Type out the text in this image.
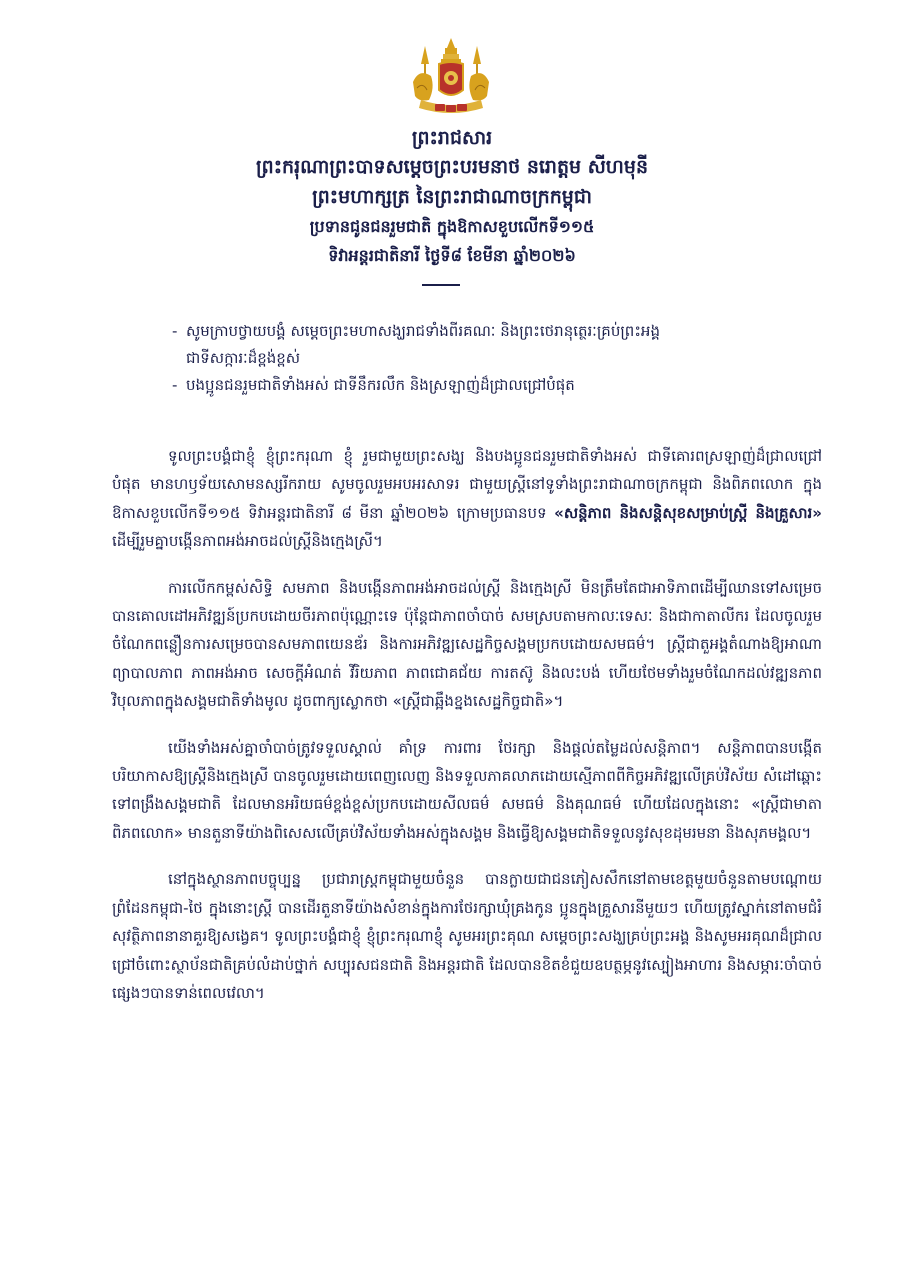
ព្រះរាជសារ
ព្រះករុណាព្រះបាទសម្តេចព្រះបរមនាថ នរោត្តម សីហមុនី
ព្រះមហាក្សត្រ នៃព្រះរាជាណាចក្រកម្ពុជា
ប្រទានជូនជនរួមជាតិ ក្នុងឱកាសខួបលើកទី១១៥
ទិវាអន្តរជាតិនារី ថ្ងៃទី៨ ខែមីនា ឆ្នាំ២០២៦
- សូមក្រាបថ្វាយបង្គំ សម្តេចព្រះមហាសង្ឃរាជទាំងពីរគណៈ និងព្រះថេរានុត្ថេរៈគ្រប់ព្រះអង្គ
ជាទីសក្ការៈដ៏ខ្ពង់ខ្ពស់
- បងប្អូនជនរួមជាតិទាំងអស់ ជាទីនឹករលឹក និងស្រឡាញ់ដ៏ជ្រាលជ្រៅបំផុត

ទូលព្រះបង្គំជាខ្ញុំ ខ្ញុំព្រះករុណា ខ្ញុំ រួមជាមួយព្រះសង្ឃ និងបងប្អូនជនរួមជាតិទាំងអស់ ជាទីគោរពស្រឡាញ់ដ៏ជ្រាលជ្រៅបំផុត មានហឫទ័យសោមនស្សរីករាយ សូមចូលរួមអបអរសាទរ ជាមួយស្រ្តីនៅទូទាំងព្រះរាជាណាចក្រកម្ពុជា និងពិភពលោក ក្នុងឱកាសខួបលើកទី១១៥ ទិវាអន្តរជាតិនារី ៨ មីនា ឆ្នាំ២០២៦ ក្រោមប្រធានបទ «សន្តិភាព និងសន្តិសុខសម្រាប់ស្រ្តី និងគ្រួសារ» ដើម្បីរួមគ្នាបង្កើនភាពអង់អាចដល់ស្ត្រីនិងក្មេងស្រី។

ការលើកកម្ពស់សិទ្ធិ សមភាព និងបង្កើនភាពអង់អាចដល់ស្ត្រី និងក្មេងស្រី មិនត្រឹមតែជាអាទិភាពដើម្បីឈានទៅសម្រេចបានគោលដៅអភិវឌ្ឍន៍ប្រកបដោយចីរភាពប៉ុណ្ណោះទេ ប៉ុន្តែជាភាពចាំបាច់ សមស្របតាមកាលៈទេសៈ និងជាកាតាលីករ ដែលចូលរួមចំណែកពន្លឿនការសម្រេចបានសមភាពយេនឌ័រ និងការអភិវឌ្ឍសេដ្ឋកិច្ចសង្គមប្រកបដោយសមធម៌។ ស្ត្រីជាតួអង្គតំណាងឱ្យអាណាព្យាបាលភាព ភាពអង់អាច សេចក្តីអំណត់ វីរិយភាព ភាពជោគជ័យ ការតស៊ូ និងលះបង់ ហើយថែមទាំងរួមចំណែកដល់វឌ្ឍនភាព វិបុលភាពក្នុងសង្គមជាតិទាំងមូល ដូចពាក្យស្លោកថា «ស្ត្រីជាឆ្អឹងខ្នងសេដ្ឋកិច្ចជាតិ»។

យើងទាំងអស់គ្នាចាំបាច់ត្រូវទទួលស្គាល់ គាំទ្រ ការពារ ថែរក្សា និងផ្តល់តម្លៃដល់សន្តិភាព។ សន្តិភាពបានបង្កើតបរិយាកាសឱ្យស្ត្រីនិងក្មេងស្រី បានចូលរួមដោយពេញលេញ និងទទួលភាគលាភដោយស្មើភាពពីកិច្ចអភិវឌ្ឍលើគ្រប់វិស័យ សំដៅឆ្ពោះទៅពង្រឹងសង្គមជាតិ ដែលមានអរិយធម៌ខ្ពង់ខ្ពស់ប្រកបដោយសីលធម៌ សមធម៌ និងគុណធម៌ ហើយដែលក្នុងនោះ «ស្ត្រីជាមាតាពិភពលោក» មានតួនាទីយ៉ាងពិសេសលើគ្រប់វិស័យទាំងអស់ក្នុងសង្គម និងធ្វើឱ្យសង្គមជាតិទទួលនូវសុខដុមរមនា និងសុភមង្គល។

នៅក្នុងស្ថានភាពបច្ចុប្បន្ន ប្រជារាស្ត្រកម្ពុជាមួយចំនួន បានក្លាយជាជនភៀសសឹកនៅតាមខេត្តមួយចំនួនតាមបណ្តោយព្រំដែនកម្ពុជា-ថៃ ក្នុងនោះស្ត្រី បានដើរតួនាទីយ៉ាងសំខាន់ក្នុងការថែរក្សាឃុំគ្រងកូន ប្អូនក្នុងគ្រួសារនីមួយៗ ហើយត្រូវស្នាក់នៅតាមជំរំសុវត្ថិភាពនានាគួរឱ្យសង្វេគ។ ទូលព្រះបង្គំជាខ្ញុំ ខ្ញុំព្រះករុណាខ្ញុំ សូមអរព្រះគុណ សម្តេចព្រះសង្ឃគ្រប់ព្រះអង្គ និងសូមអរគុណដ៏ជ្រាលជ្រៅចំពោះស្ថាប័នជាតិគ្រប់លំដាប់ថ្នាក់ សប្បុរសជនជាតិ និងអន្តរជាតិ ដែលបានខិតខំជួយឧបត្ថម្ភនូវស្បៀងអាហារ និងសម្ភារៈចាំបាច់ផ្សេងៗបានទាន់ពេលវេលា។
